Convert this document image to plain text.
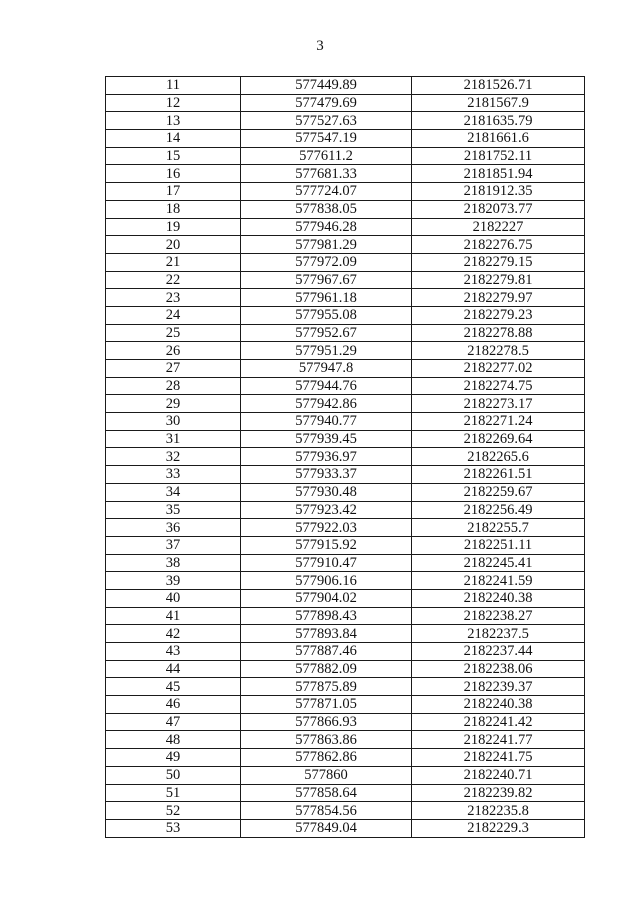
3
11	577449.89	2181526.71
12	577479.69	2181567.9
13	577527.63	2181635.79
14	577547.19	2181661.6
15	577611.2	2181752.11
16	577681.33	2181851.94
17	577724.07	2181912.35
18	577838.05	2182073.77
19	577946.28	2182227
20	577981.29	2182276.75
21	577972.09	2182279.15
22	577967.67	2182279.81
23	577961.18	2182279.97
24	577955.08	2182279.23
25	577952.67	2182278.88
26	577951.29	2182278.5
27	577947.8	2182277.02
28	577944.76	2182274.75
29	577942.86	2182273.17
30	577940.77	2182271.24
31	577939.45	2182269.64
32	577936.97	2182265.6
33	577933.37	2182261.51
34	577930.48	2182259.67
35	577923.42	2182256.49
36	577922.03	2182255.7
37	577915.92	2182251.11
38	577910.47	2182245.41
39	577906.16	2182241.59
40	577904.02	2182240.38
41	577898.43	2182238.27
42	577893.84	2182237.5
43	577887.46	2182237.44
44	577882.09	2182238.06
45	577875.89	2182239.37
46	577871.05	2182240.38
47	577866.93	2182241.42
48	577863.86	2182241.77
49	577862.86	2182241.75
50	577860	2182240.71
51	577858.64	2182239.82
52	577854.56	2182235.8
53	577849.04	2182229.3
